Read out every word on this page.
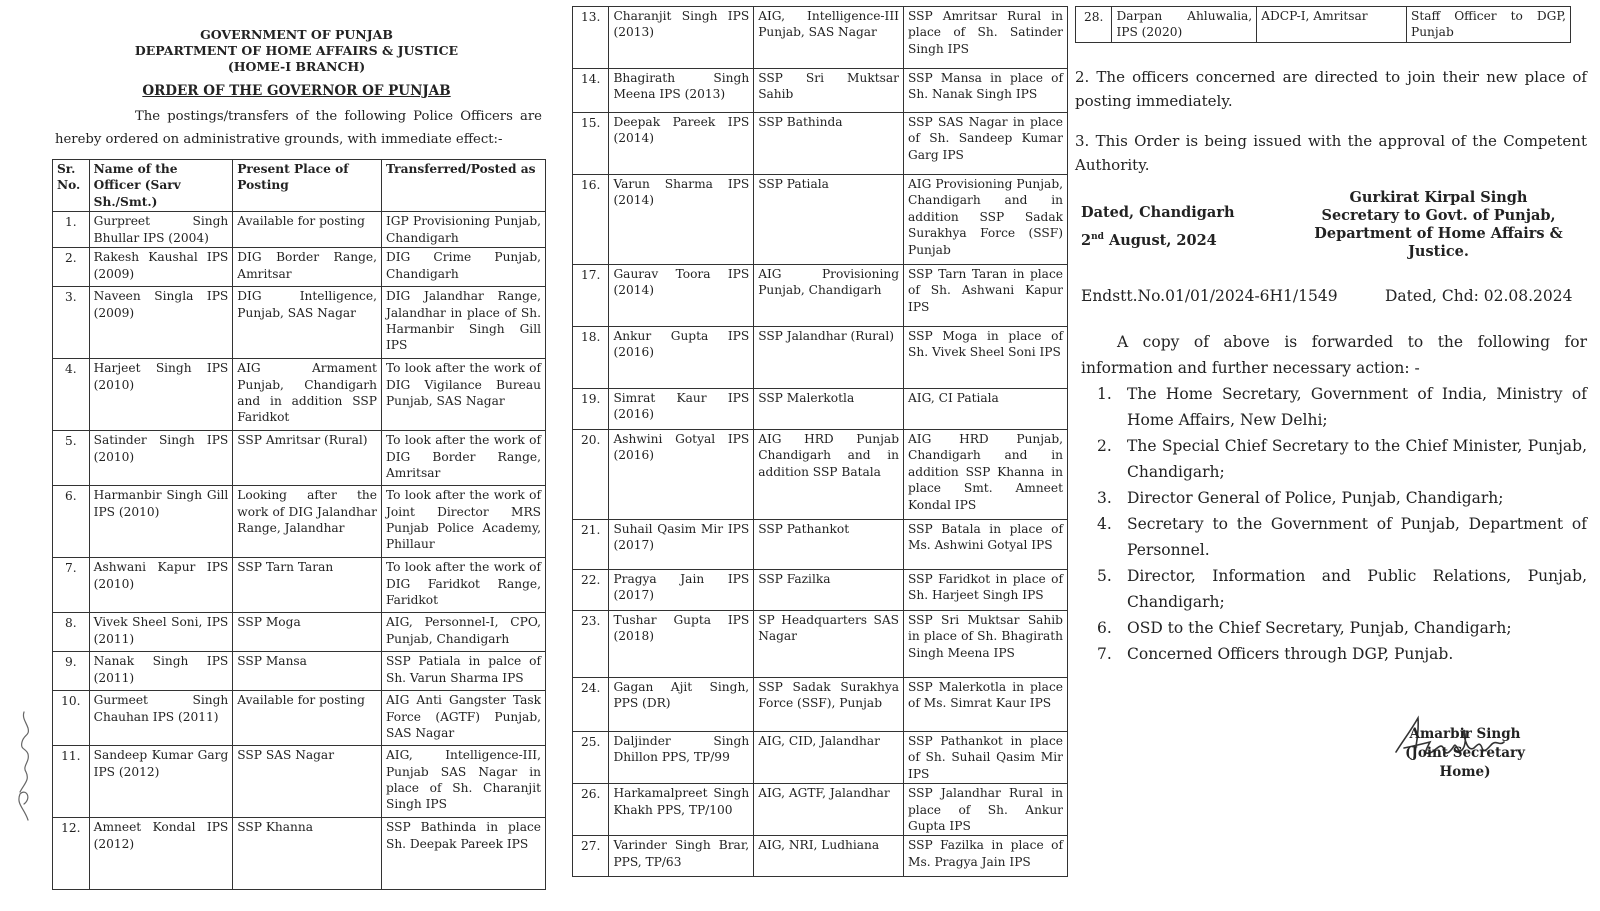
GOVERNMENT OF PUNJAB
DEPARTMENT OF HOME AFFAIRS & JUSTICE
(HOME-I BRANCH)
ORDER OF THE GOVERNOR OF PUNJAB
The postings/transfers of the following Police Officers are hereby ordered on administrative grounds, with immediate effect:-
Sr. No.	Name of the Officer (Sarv Sh./Smt.)	Present Place of Posting	Transferred/Posted as
1.	Gurpreet Singh Bhullar IPS (2004)	Available for posting	IGP Provisioning Punjab, Chandigarh
2.	Rakesh Kaushal IPS (2009)	DIG Border Range, Amritsar	DIG Crime Punjab, Chandigarh
3.	Naveen Singla IPS (2009)	DIG Intelligence, Punjab, SAS Nagar	DIG Jalandhar Range, Jalandhar in place of Sh. Harmanbir Singh Gill IPS
4.	Harjeet Singh IPS (2010)	AIG Armament Punjab, Chandigarh and in addition SSP Faridkot	To look after the work of DIG Vigilance Bureau Punjab, SAS Nagar
5.	Satinder Singh IPS (2010)	SSP Amritsar (Rural)	To look after the work of DIG Border Range, Amritsar
6.	Harmanbir Singh Gill IPS (2010)	Looking after the work of DIG Jalandhar Range, Jalandhar	To look after the work of Joint Director MRS Punjab Police Academy, Phillaur
7.	Ashwani Kapur IPS (2010)	SSP Tarn Taran	To look after the work of DIG Faridkot Range, Faridkot
8.	Vivek Sheel Soni, IPS (2011)	SSP Moga	AIG, Personnel-I, CPO, Punjab, Chandigarh
9.	Nanak Singh IPS (2011)	SSP Mansa	SSP Patiala in palce of Sh. Varun Sharma IPS
10.	Gurmeet Singh Chauhan IPS (2011)	Available for posting	AIG Anti Gangster Task Force (AGTF) Punjab, SAS Nagar
11.	Sandeep Kumar Garg IPS (2012)	SSP SAS Nagar	AIG, Intelligence-III, Punjab SAS Nagar in place of Sh. Charanjit Singh IPS
12.	Amneet Kondal IPS (2012)	SSP Khanna	SSP Bathinda in place Sh. Deepak Pareek IPS
13.	Charanjit Singh IPS (2013)	AIG, Intelligence-III Punjab, SAS Nagar	SSP Amritsar Rural in place of Sh. Satinder Singh IPS
14.	Bhagirath Singh Meena IPS (2013)	SSP Sri Muktsar Sahib	SSP Mansa in place of Sh. Nanak Singh IPS
15.	Deepak Pareek IPS (2014)	SSP Bathinda	SSP SAS Nagar in place of Sh. Sandeep Kumar Garg IPS
16.	Varun Sharma IPS (2014)	SSP Patiala	AIG Provisioning Punjab, Chandigarh and in addition SSP Sadak Surakhya Force (SSF) Punjab
17.	Gaurav Toora IPS (2014)	AIG Provisioning Punjab, Chandigarh	SSP Tarn Taran in place of Sh. Ashwani Kapur IPS
18.	Ankur Gupta IPS (2016)	SSP Jalandhar (Rural)	SSP Moga in place of Sh. Vivek Sheel Soni IPS
19.	Simrat Kaur IPS (2016)	SSP Malerkotla	AIG, CI Patiala
20.	Ashwini Gotyal IPS (2016)	AIG HRD Punjab Chandigarh and in addition SSP Batala	AIG HRD Punjab, Chandigarh and in addition SSP Khanna in place Smt. Amneet Kondal IPS
21.	Suhail Qasim Mir IPS (2017)	SSP Pathankot	SSP Batala in place of Ms. Ashwini Gotyal IPS
22.	Pragya Jain IPS (2017)	SSP Fazilka	SSP Faridkot in place of Sh. Harjeet Singh IPS
23.	Tushar Gupta IPS (2018)	SP Headquarters SAS Nagar	SSP Sri Muktsar Sahib in place of Sh. Bhagirath Singh Meena IPS
24.	Gagan Ajit Singh, PPS (DR)	SSP Sadak Surakhya Force (SSF), Punjab	SSP Malerkotla in place of Ms. Simrat Kaur IPS
25.	Daljinder Singh Dhillon PPS, TP/99	AIG, CID, Jalandhar	SSP Pathankot in place of Sh. Suhail Qasim Mir IPS
26.	Harkamalpreet Singh Khakh PPS, TP/100	AIG, AGTF, Jalandhar	SSP Jalandhar Rural in place of Sh. Ankur Gupta IPS
27.	Varinder Singh Brar, PPS, TP/63	AIG, NRI, Ludhiana	SSP Fazilka in place of Ms. Pragya Jain IPS
28.	Darpan Ahluwalia, IPS (2020)	ADCP-I, Amritsar	Staff Officer to DGP, Punjab

2. The officers concerned are directed to join their new place of posting immediately.

3. This Order is being issued with the approval of the Competent Authority.

Dated, Chandigarh
2nd August, 2024
Gurkirat Kirpal Singh
Secretary to Govt. of Punjab,
Department of Home Affairs & Justice.
Endstt.No.01/01/2024-6H1/1549	Dated, Chd: 02.08.2024

A copy of above is forwarded to the following for information and further necessary action: -

1. The Home Secretary, Government of India, Ministry of Home Affairs, New Delhi;
2. The Special Chief Secretary to the Chief Minister, Punjab, Chandigarh;
3. Director General of Police, Punjab, Chandigarh;
4. Secretary to the Government of Punjab, Department of Personnel.
5. Director, Information and Public Relations, Punjab, Chandigarh;
6. OSD to the Chief Secretary, Punjab, Chandigarh;
7. Concerned Officers through DGP, Punjab.
Amarbir Singh
(Joint Secretary Home)
